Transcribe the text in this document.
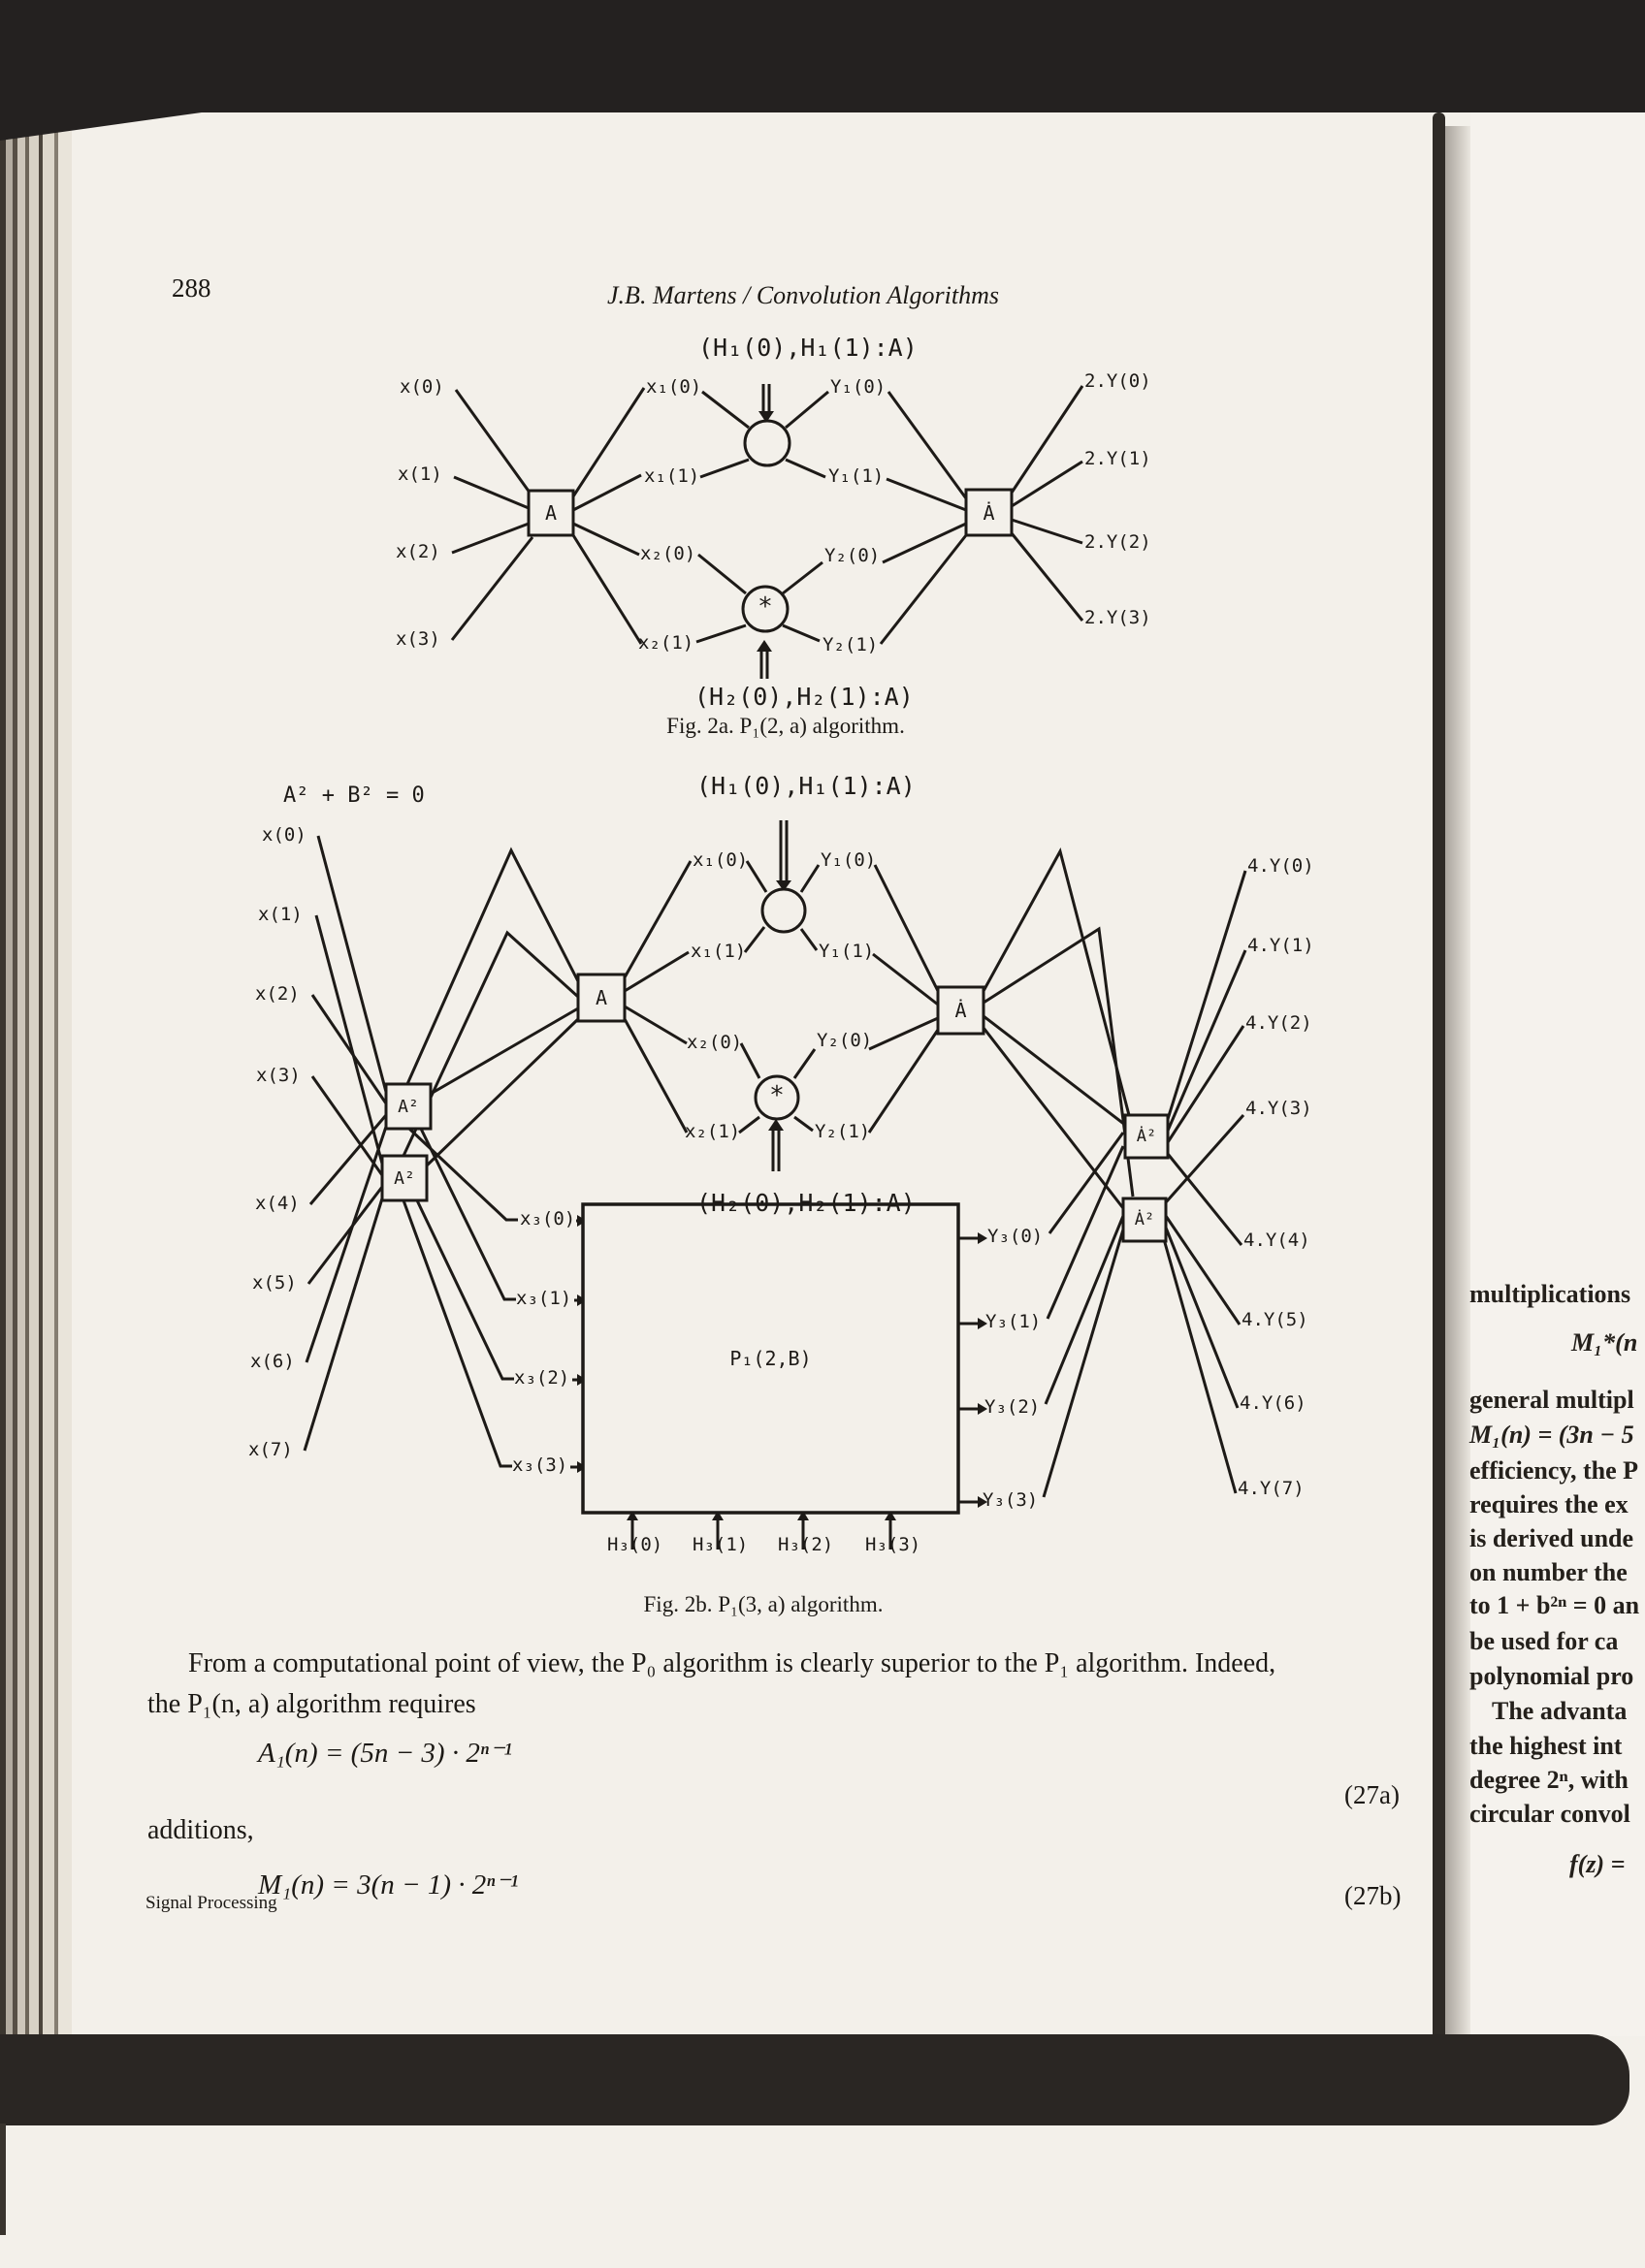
288	J.B. Martens / Convolution Algorithms
(H₁(0),H₁(1):A)
x(0)
x(1)
x(2)
x(3)
A
x₁(0)
x₁(1)
x₂(0)
x₂(1)
*
Y₁(0)
Y₁(1)
Y₂(0)
Y₂(1)
Ȧ
2.Y(0)
2.Y(1)
2.Y(2)
2.Y(3)
(H₂(0),H₂(1):A)
Fig. 2a. P₁(2, a) algorithm.
A² + B² = 0	(H₁(0),H₁(1):A)
x(0)
x(1)
x(2)
x(3)
x(4)
x(5)
x(6)
x(7)
A²
A²
A
x₁(0)
x₁(1)
x₂(0)
x₂(1)
*
Y₁(0)
Y₁(1)
Y₂(0)
Y₂(1)
Ȧ
(H₂(0),H₂(1):A)
x₃(0)
x₃(1)
x₃(2)
x₃(3)
P₁(2,B)
Y₃(0)
Y₃(1)
Y₃(2)
Y₃(3)
Ȧ²
Ȧ²
4.Y(0)
4.Y(1)
4.Y(2)
4.Y(3)
4.Y(4)
4.Y(5)
4.Y(6)
4.Y(7)
H₃(0) H₃(1) H₃(2) H₃(3)
Fig. 2b. P₁(3, a) algorithm.
From a computational point of view, the P₀ algorithm is clearly superior to the P₁ algorithm. Indeed,
the P₁(n, a) algorithm requires
A₁(n) = (5n − 3) · 2ⁿ⁻¹
(27a)
additions,
M₁(n) = 3(n − 1) · 2ⁿ⁻¹	(27b)
Signal Processing
multiplications
M₁*(n
general multipl
M₁(n) = (3n − 5
efficiency, the P
requires the ex
is derived unde
on number the
to 1 + b²ⁿ = 0 an
be used for ca
polynomial pro
The advanta
the highest int
degree 2ⁿ, with
circular convol
f(z) =
